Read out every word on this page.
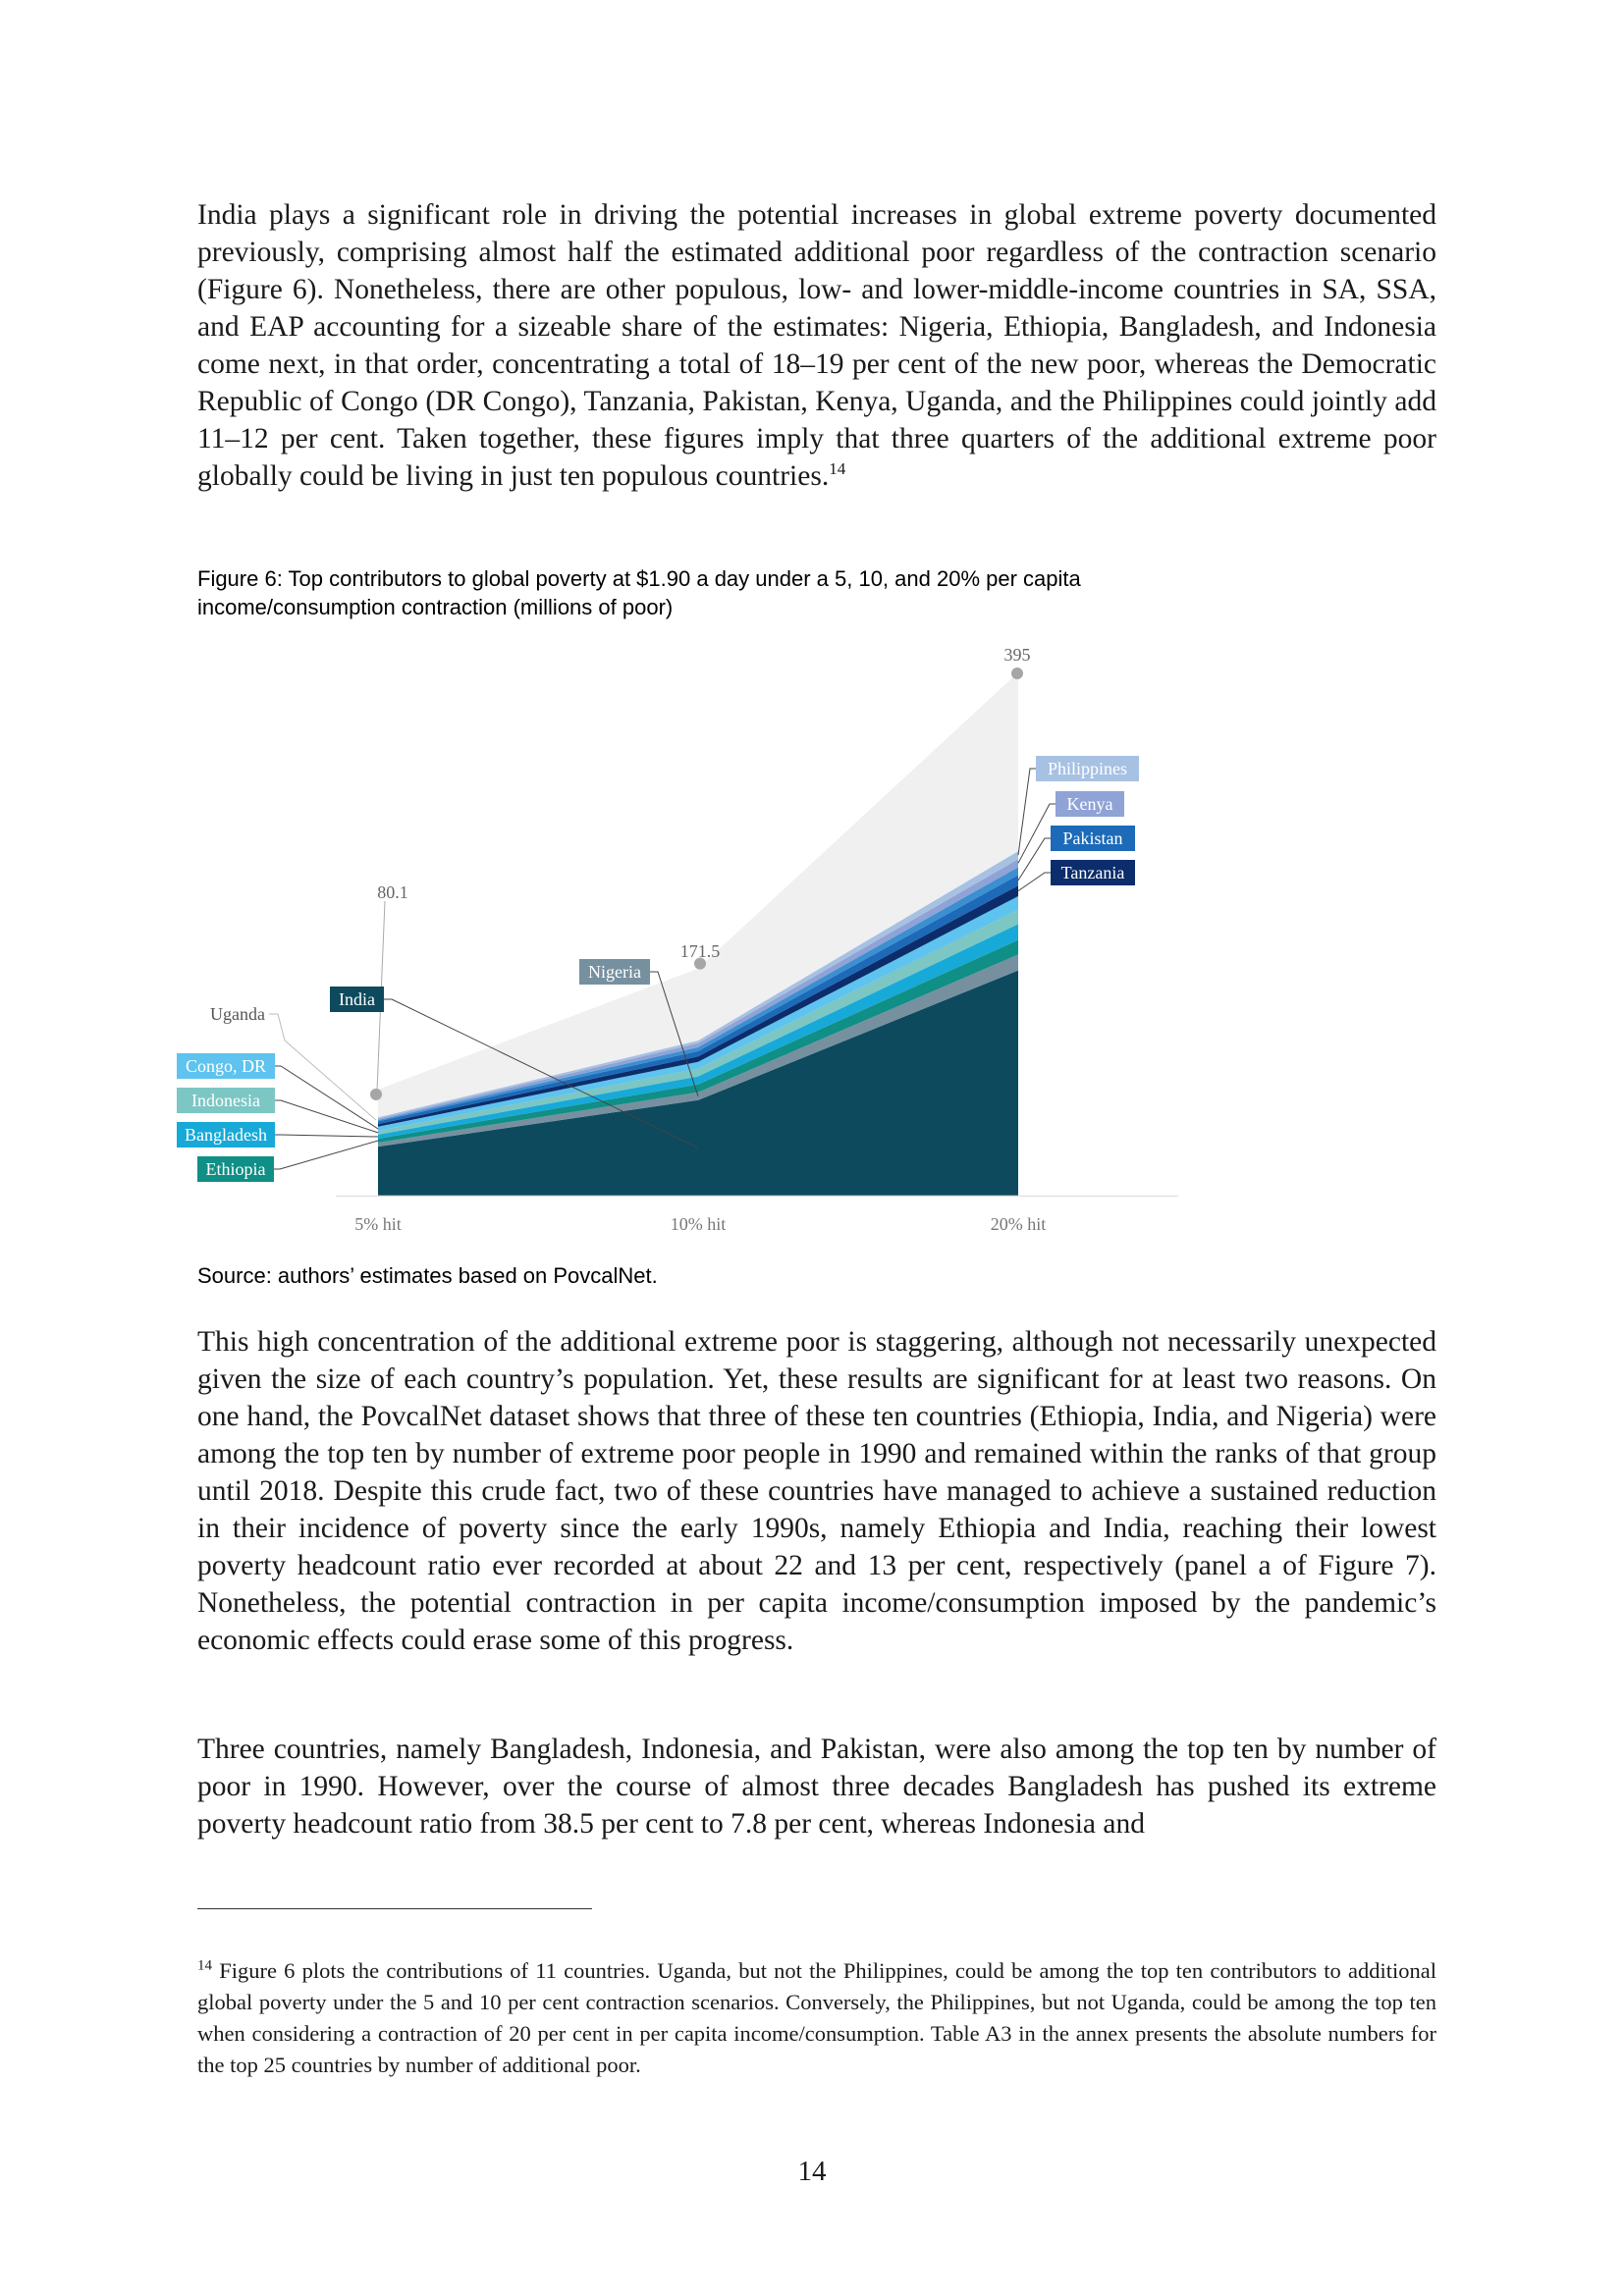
India plays a significant role in driving the potential increases in global extreme poverty documented previously, comprising almost half the estimated additional poor regardless of the contraction scenario (Figure 6). Nonetheless, there are other populous, low- and lower-middle-income countries in SA, SSA, and EAP accounting for a sizeable share of the estimates: Nigeria, Ethiopia, Bangladesh, and Indonesia come next, in that order, concentrating a total of 18–19 per cent of the new poor, whereas the Democratic Republic of Congo (DR Congo), Tanzania, Pakistan, Kenya, Uganda, and the Philippines could jointly add 11–12 per cent. Taken together, these figures imply that three quarters of the additional extreme poor globally could be living in just ten populous countries.$^{14}$

Figure 6: Top contributors to global poverty at $1.90 a day under a 5, 10, and 20% per capita income/consumption contraction (millions of poor)

80.1
171.5
395
5% hit	10% hit	20% hit
India
Nigeria
Ethiopia
Bangladesh
Indonesia
Congo, DR
Tanzania
Pakistan
Uganda
Kenya
Philippines

Source: authors’ estimates based on PovcalNet.

This high concentration of the additional extreme poor is staggering, although not necessarily unexpected given the size of each country’s population. Yet, these results are significant for at least two reasons. On one hand, the PovcalNet dataset shows that three of these ten countries (Ethiopia, India, and Nigeria) were among the top ten by number of extreme poor people in 1990 and remained within the ranks of that group until 2018. Despite this crude fact, two of these countries have managed to achieve a sustained reduction in their incidence of poverty since the early 1990s, namely Ethiopia and India, reaching their lowest poverty headcount ratio ever recorded at about 22 and 13 per cent, respectively (panel a of Figure 7). Nonetheless, the potential contraction in per capita income/consumption imposed by the pandemic’s economic effects could erase some of this progress.

Three countries, namely Bangladesh, Indonesia, and Pakistan, were also among the top ten by number of poor in 1990. However, over the course of almost three decades Bangladesh has pushed its extreme poverty headcount ratio from 38.5 per cent to 7.8 per cent, whereas Indonesia and

$^{14}$ Figure 6 plots the contributions of 11 countries. Uganda, but not the Philippines, could be among the top ten contributors to additional global poverty under the 5 and 10 per cent contraction scenarios. Conversely, the Philippines, but not Uganda, could be among the top ten when considering a contraction of 20 per cent in per capita income/consumption. Table A3 in the annex presents the absolute numbers for the top 25 countries by number of additional poor.

14
